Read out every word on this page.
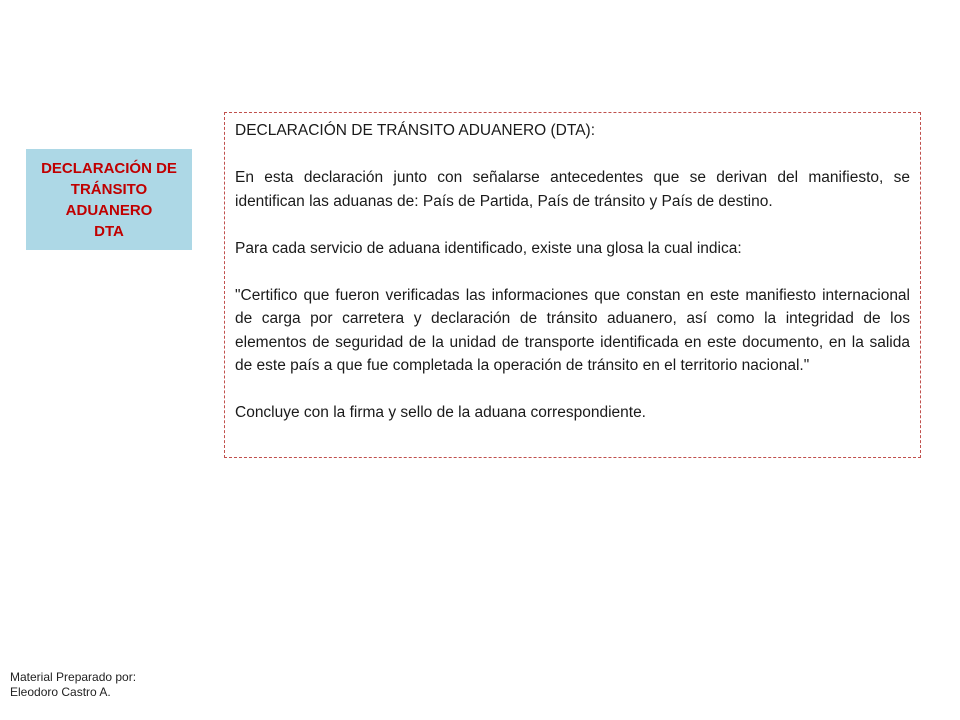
DECLARACIÓN DE
TRÁNSITO
ADUANERO
DTA

DECLARACIÓN DE TRÁNSITO ADUANERO (DTA):

En esta declaración junto con señalarse antecedentes que se derivan del manifiesto, se identifican las aduanas de: País de Partida, País de tránsito y País de destino.

Para cada servicio de aduana identificado, existe una glosa la cual indica:

"Certifico que fueron verificadas las informaciones que constan en este manifiesto internacional de carga por carretera y declaración de tránsito aduanero, así como la integridad de los elementos de seguridad de la unidad de transporte identificada en este documento, en la salida de este país a que fue completada la operación de tránsito en el territorio nacional."

Concluye con la firma y sello de la aduana correspondiente.

Material Preparado por:
Eleodoro Castro A.
